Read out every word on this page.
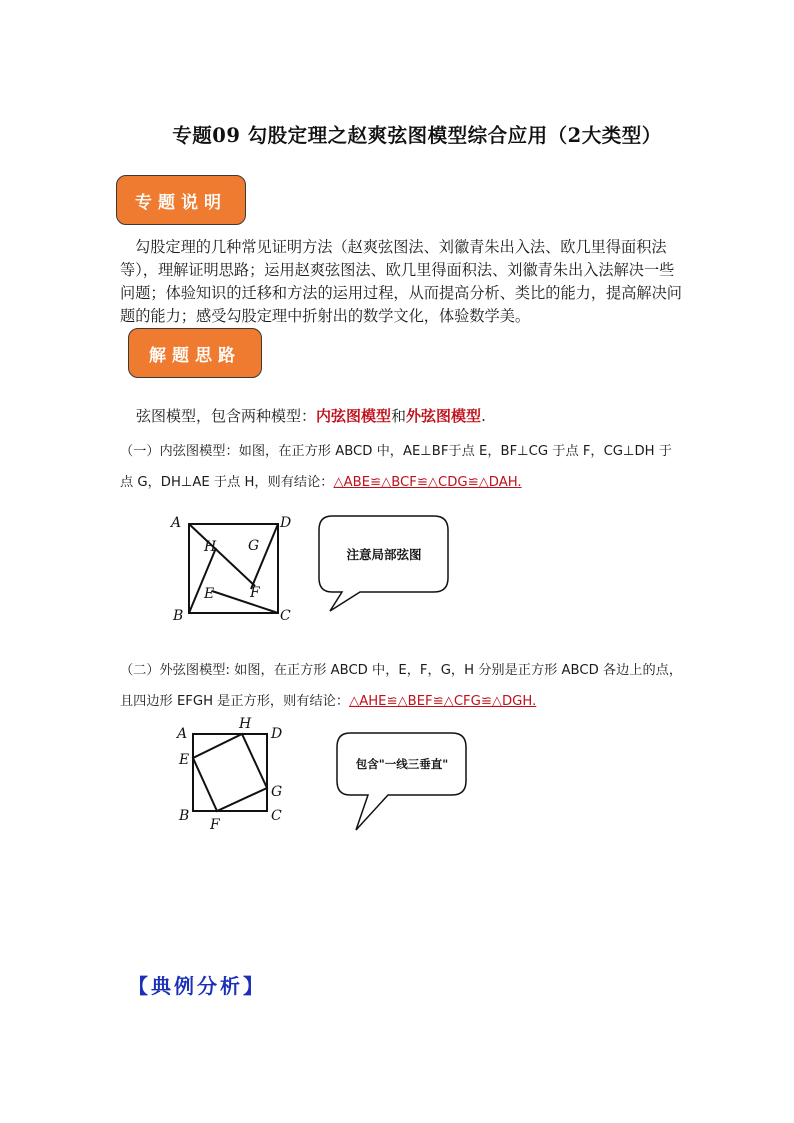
专题09 勾股定理之赵爽弦图模型综合应用（2大类型）
专题说明
勾股定理的几种常见证明方法（赵爽弦图法、刘徽青朱出入法、欧几里得面积法等），理解证明思路；运用赵爽弦图法、欧几里得面积法、刘徽青朱出入法解决一些问题；体验知识的迁移和方法的运用过程，从而提高分析、类比的能力，提高解决问题的能力；感受勾股定理中折射出的数学文化，体验数学美。
解题思路
弦图模型，包含两种模型：内弦图模型和外弦图模型.
（一）内弦图模型：如图，在正方形 ABCD 中，AE⊥BF于点 E，BF⊥CG 于点 F，CG⊥DH 于
点 G，DH⊥AE 于点 H，则有结论：△ABE≌△BCF≌△CDG≌△DAH.
A	D
B	C
H G
E	F
注意局部弦图
（二）外弦图模型: 如图，在正方形 ABCD 中，E，F，G，H 分别是正方形 ABCD 各边上的点，
且四边形 EFGH 是正方形，则有结论：△AHE≌△BEF≌△CFG≌△DGH.
A
H
D
E
G
B	C
F
包含"一线三垂直"
【典例分析】
